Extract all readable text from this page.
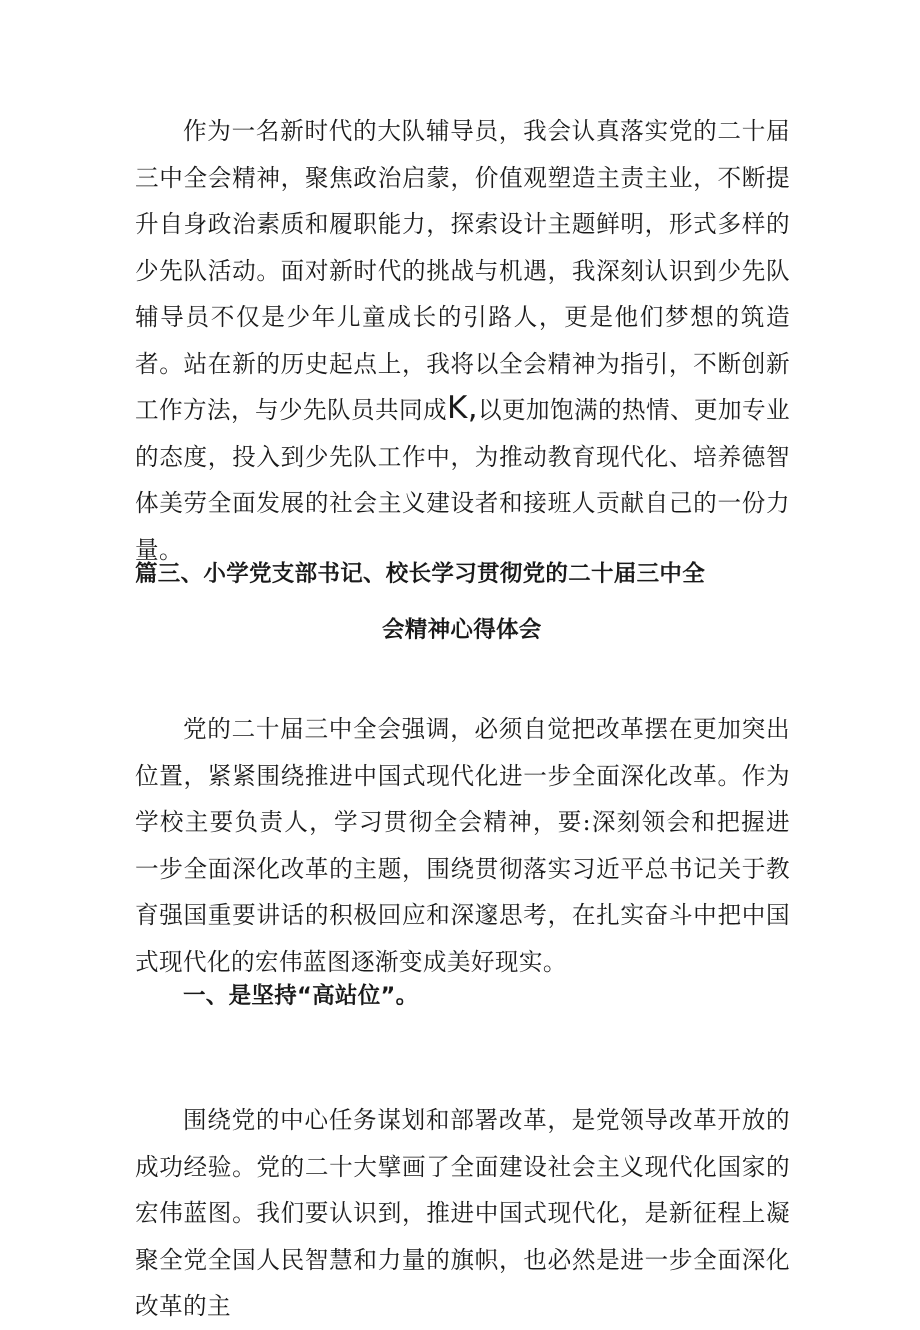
作为一名新时代的大队辅导员，我会认真落实党的二十届三中全会精神，聚焦政治启蒙，价值观塑造主责主业，不断提升自身政治素质和履职能力，探索设计主题鲜明，形式多样的少先队活动。面对新时代的挑战与机遇，我深刻认识到少先队辅导员不仅是少年儿童成长的引路人，更是他们梦想的筑造者。站在新的历史起点上，我将以全会精神为指引，不断创新工作方法，与少先队员共同成K,以更加饱满的热情、更加专业的态度，投入到少先队工作中，为推动教育现代化、培养德智体美劳全面发展的社会主义建设者和接班人贡献自己的一份力量。

篇三、小学党支部书记、校长学习贯彻党的二十届三中全
会精神心得体会

党的二十届三中全会强调，必须自觉把改革摆在更加突出位置，紧紧围绕推进中国式现代化进一步全面深化改革。作为学校主要负责人，学习贯彻全会精神，要:深刻领会和把握进一步全面深化改革的主题，围绕贯彻落实习近平总书记关于教育强国重要讲话的积极回应和深邃思考，在扎实奋斗中把中国式现代化的宏伟蓝图逐渐变成美好现实。

一、是坚持“高站位”。

围绕党的中心任务谋划和部署改革，是党领导改革开放的成功经验。党的二十大擘画了全面建设社会主义现代化国家的宏伟蓝图。我们要认识到，推进中国式现代化，是新征程上凝聚全党全国人民智慧和力量的旗帜，也必然是进一步全面深化改革的主
